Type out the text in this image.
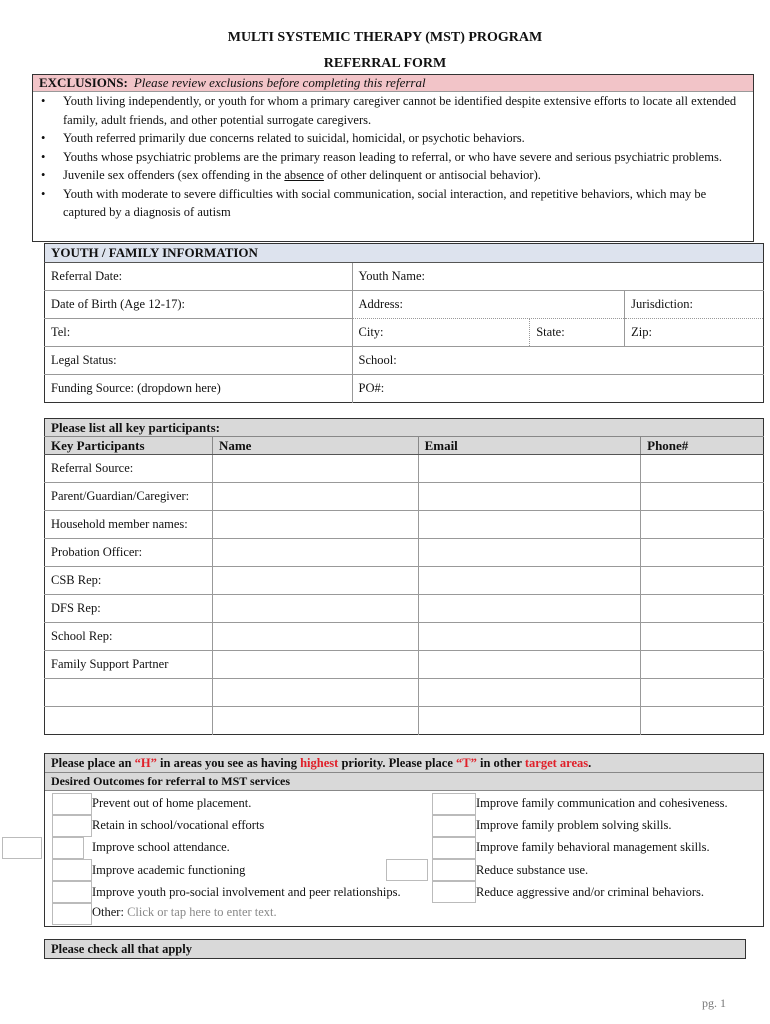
MULTI SYSTEMIC THERAPY (MST) PROGRAM
REFERRAL FORM
EXCLUSIONS: Please review exclusions before completing this referral
• Youth living independently, or youth for whom a primary caregiver cannot be identified despite extensive efforts to locate all extended family, adult friends, and other potential surrogate caregivers.
• Youth referred primarily due concerns related to suicidal, homicidal, or psychotic behaviors.
• Youths whose psychiatric problems are the primary reason leading to referral, or who have severe and serious psychiatric problems.
• Juvenile sex offenders (sex offending in the absence of other delinquent or antisocial behavior).
• Youth with moderate to severe difficulties with social communication, social interaction, and repetitive behaviors, which may be captured by a diagnosis of autism
YOUTH / FAMILY INFORMATION			
Referral Date:	Youth Name:		
Date of Birth (Age 12-17):	Address:		Jurisdiction:
Tel:	City:	State:	Zip:
Legal Status:	School:		
Funding Source: (dropdown here)	PO#:		
Please list all key participants:			
Key Participants	Name	Email	Phone#
Referral Source:			
Parent/Guardian/Caregiver:			
Household member names:			
Probation Officer:			
CSB Rep:			
DFS Rep:			
School Rep:			
Family Support Partner			

Please place an “H” in areas you see as having highest priority. Please place “T” in other target areas.
Desired Outcomes for referral to MST services
Prevent out of home placement.
Retain in school/vocational efforts
Improve school attendance.
Improve academic functioning
Improve youth pro-social involvement and peer relationships.
Other: Click or tap here to enter text.
Improve family communication and cohesiveness.
Improve family problem solving skills.
Improve family behavioral management skills.
Reduce substance use.
Reduce aggressive and/or criminal behaviors.
Please check all that apply
pg. 1
